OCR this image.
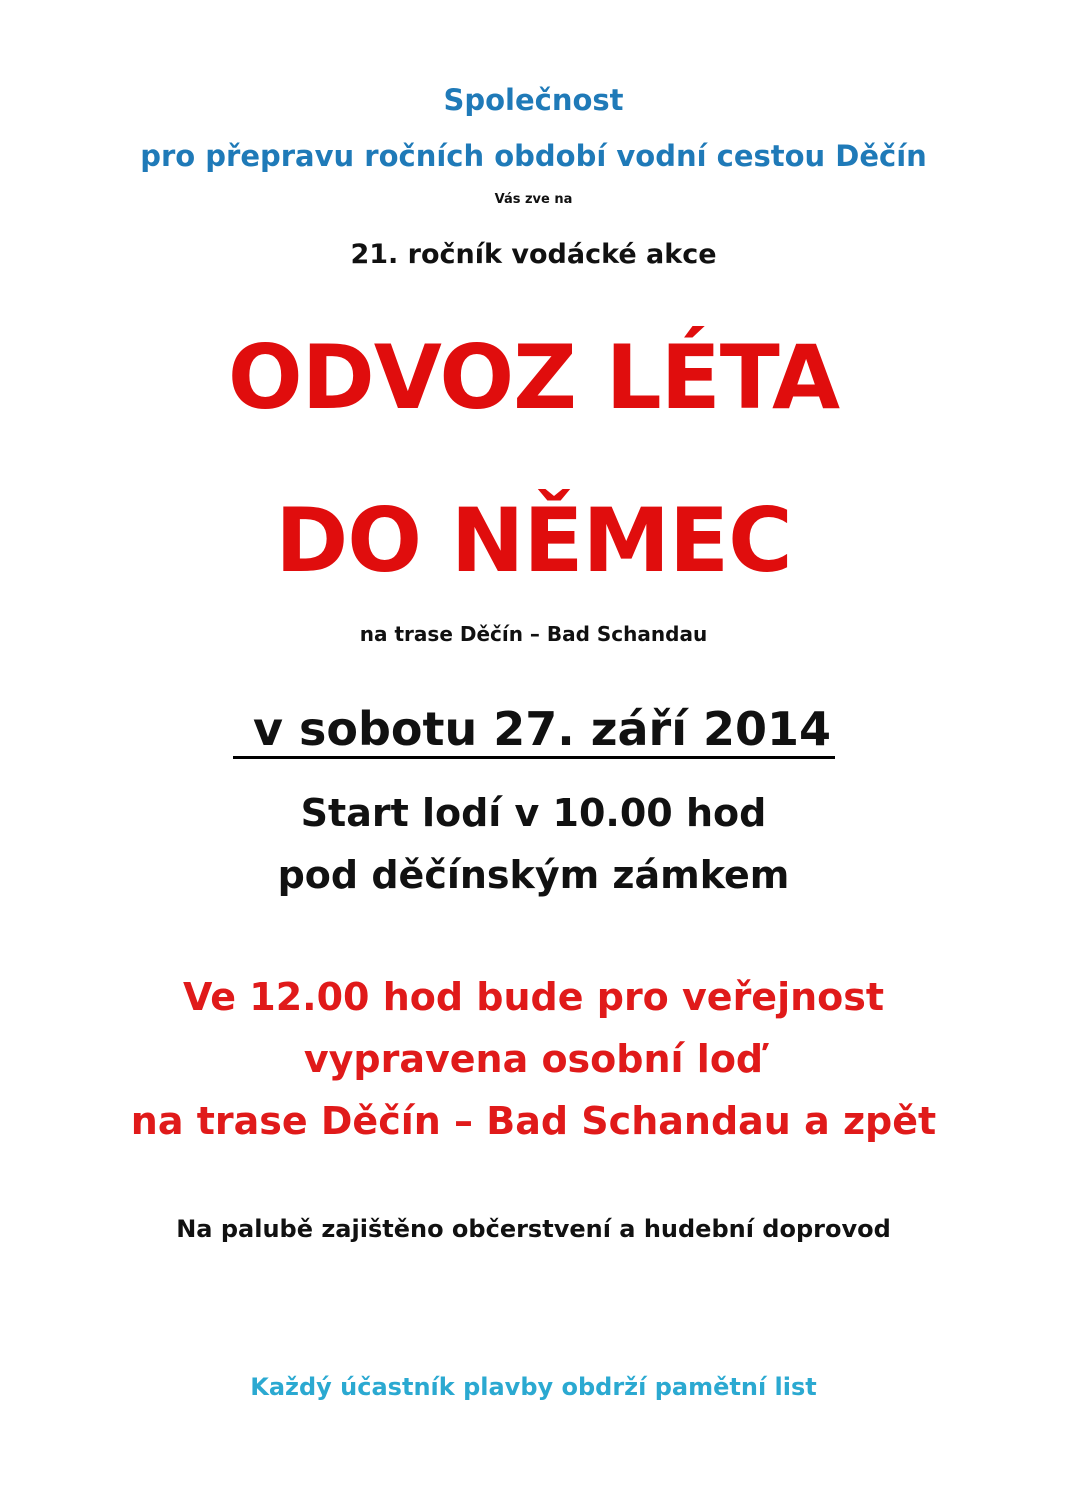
Společnost
pro přepravu ročních období vodní cestou Děčín
Vás zve na
21. ročník vodácké akce
ODVOZ LÉTA
DO NĚMEC
na trase Děčín – Bad Schandau
v sobotu 27. září 2014
Start lodí v 10.00 hod
pod děčínským zámkem
Ve 12.00 hod bude pro veřejnost
vypravena osobní loď
na trase Děčín – Bad Schandau a zpět
Na palubě zajištěno občerstvení a hudební doprovod
Každý účastník plavby obdrží pamětní list
